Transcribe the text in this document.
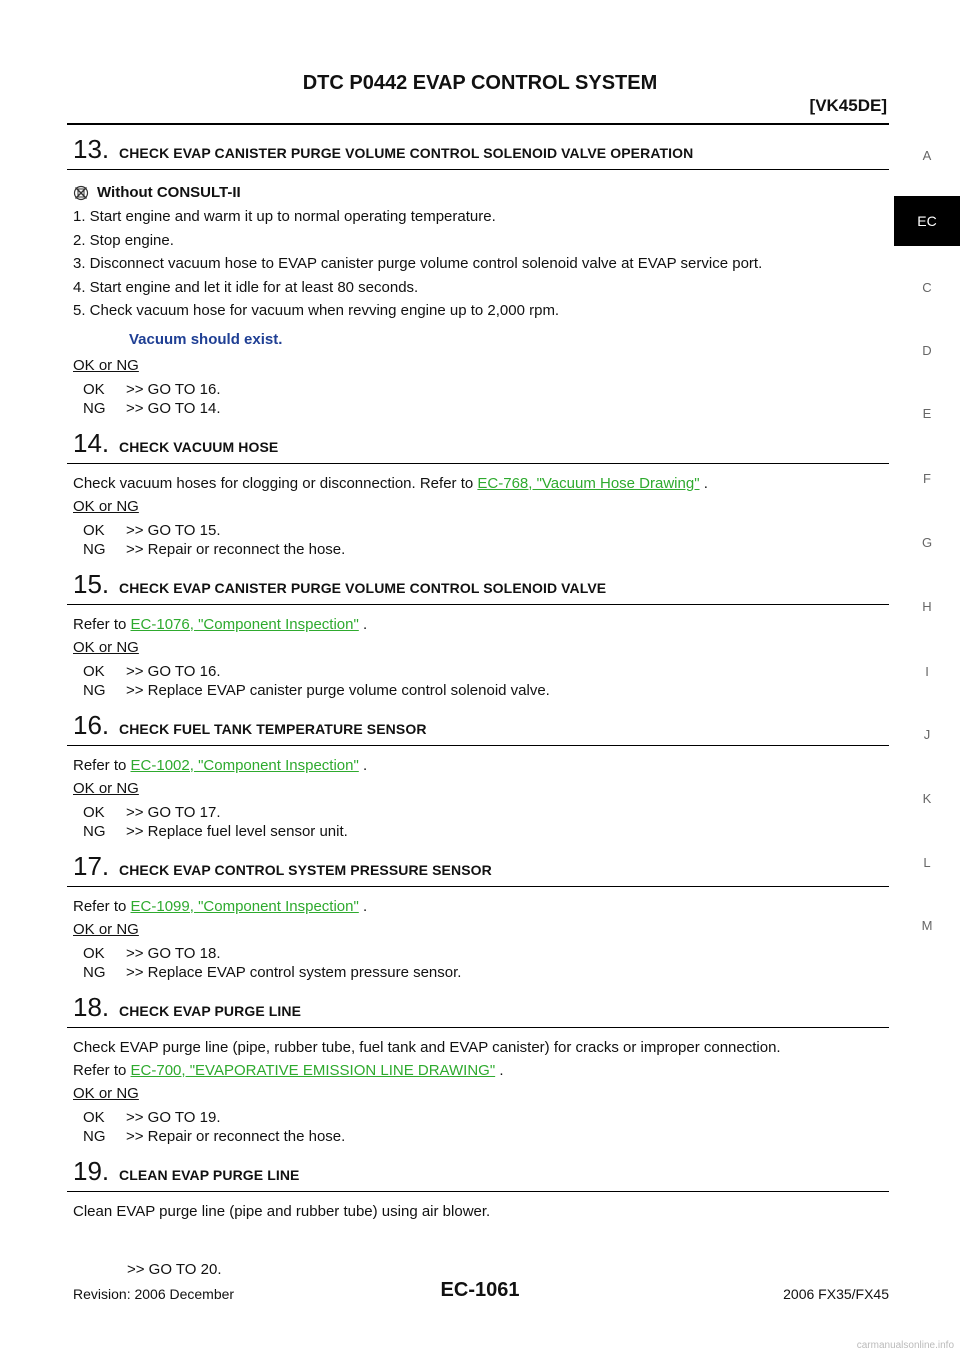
DTC P0442 EVAP CONTROL SYSTEM
[VK45DE]
A
C
D
E
F
G
H
I
J
K
L
M
EC
13. CHECK EVAP CANISTER PURGE VOLUME CONTROL SOLENOID VALVE OPERATION
Without CONSULT-II
1. Start engine and warm it up to normal operating temperature.
2. Stop engine.
3. Disconnect vacuum hose to EVAP canister purge volume control solenoid valve at EVAP service port.
4. Start engine and let it idle for at least 80 seconds.
5. Check vacuum hose for vacuum when revving engine up to 2,000 rpm.
Vacuum should exist.
OK or NG
OK	>> GO TO 16.
NG	>> GO TO 14.
14. CHECK VACUUM HOSE
Check vacuum hoses for clogging or disconnection. Refer to EC-768, "Vacuum Hose Drawing" .
OK or NG
OK	>> GO TO 15.
NG	>> Repair or reconnect the hose.
15. CHECK EVAP CANISTER PURGE VOLUME CONTROL SOLENOID VALVE
Refer to EC-1076, "Component Inspection" .
OK or NG
OK	>> GO TO 16.
NG	>> Replace EVAP canister purge volume control solenoid valve.
16. CHECK FUEL TANK TEMPERATURE SENSOR
Refer to EC-1002, "Component Inspection" .
OK or NG
OK	>> GO TO 17.
NG	>> Replace fuel level sensor unit.
17. CHECK EVAP CONTROL SYSTEM PRESSURE SENSOR
Refer to EC-1099, "Component Inspection" .
OK or NG
OK	>> GO TO 18.
NG	>> Replace EVAP control system pressure sensor.
18. CHECK EVAP PURGE LINE
Check EVAP purge line (pipe, rubber tube, fuel tank and EVAP canister) for cracks or improper connection.
Refer to EC-700, "EVAPORATIVE EMISSION LINE DRAWING" .
OK or NG
OK	>> GO TO 19.
NG	>> Repair or reconnect the hose.
19. CLEAN EVAP PURGE LINE
Clean EVAP purge line (pipe and rubber tube) using air blower.
>> GO TO 20.
Revision: 2006 December	EC-1061	2006 FX35/FX45
carmanualsonline.info
